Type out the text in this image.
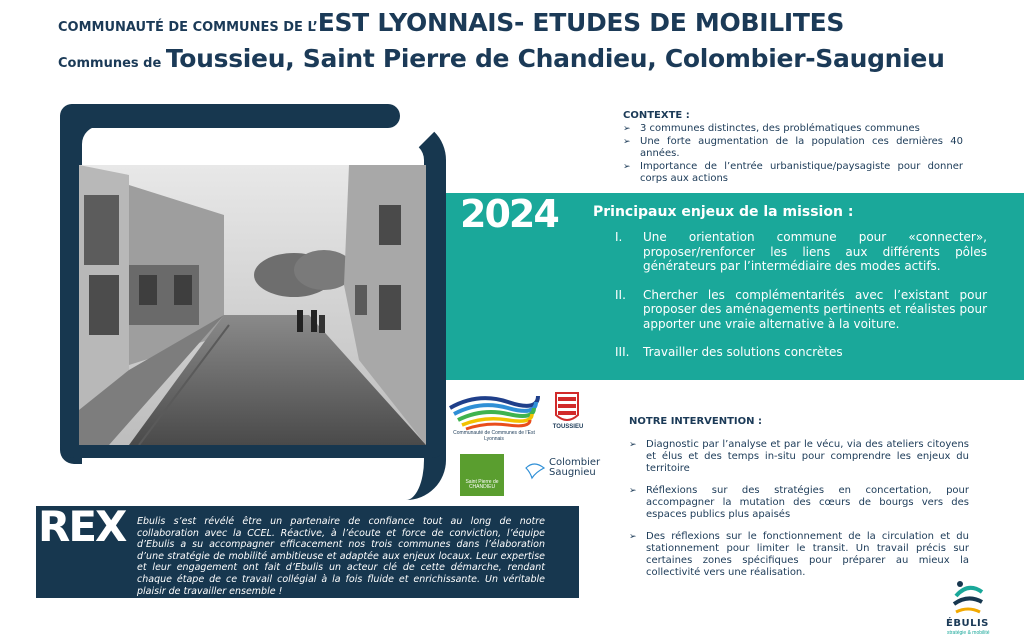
COMMUNAUTÉ DE COMMUNES DE L’EST LYONNAIS- ETUDES DE MOBILITES
Communes de Toussieu, Saint Pierre de Chandieu, Colombier-Saugnieu
CONTEXTE :
➢ 3 communes distinctes, des problématiques communes
➢ Une forte augmentation de la population ces dernières 40 années.
➢ Importance de l’entrée urbanistique/paysagiste pour donner corps aux actions
2024	Principaux enjeux de la mission :
I.	Une orientation commune pour «connecter», proposer/renforcer les liens aux différents pôles générateurs par l’intermédiaire des modes actifs.
II.	Chercher les complémentarités avec l’existant pour proposer des aménagements pertinents et réalistes pour apporter une vraie alternative à la voiture.
III.	Travailler des solutions concrètes
Communauté de Communes de l’Est Lyonnais
TOUSSIEU
Saint Pierre de CHANDIEU
Colombier
Saugnieu
NOTRE INTERVENTION :
➢ Diagnostic par l’analyse et par le vécu, via des ateliers citoyens et élus et des temps in-situ pour comprendre les enjeux du territoire
➢ Réflexions sur des stratégies en concertation, pour accompagner la mutation des cœurs de bourgs vers des espaces publics plus apaisés
➢ Des réflexions sur le fonctionnement de la circulation et du stationnement pour limiter le transit. Un travail précis sur certaines zones spécifiques pour préparer au mieux la collectivité vers une réalisation.
REX Ebulis s’est révélé être un partenaire de confiance tout au long de notre collaboration avec la CCEL. Réactive, à l’écoute et force de conviction, l’équipe d’Ebulis a su accompagner efficacement nos trois communes dans l’élaboration d’une stratégie de mobilité ambitieuse et adaptée aux enjeux locaux. Leur expertise et leur engagement ont fait d’Ebulis un acteur clé de cette démarche, rendant chaque étape de ce travail collégial à la fois fluide et enrichissante. Un véritable plaisir de travailler ensemble !
ÉBULIS
stratégie & mobilité
